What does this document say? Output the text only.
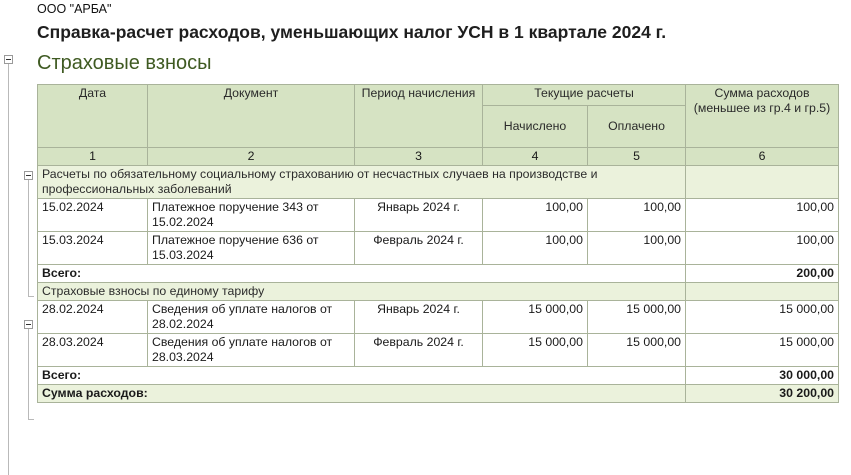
ООО "АРБА"
Справка-расчет расходов, уменьшающих налог УСН в 1 квартале 2024 г.
Страховые взносы
Дата	Документ	Период начисления	Текущие расчеты		Сумма расходов (меньшее из гр.4 и гр.5)
			Начислено	Оплачено	
1	2	3	4	5	6
Расчеты по обязательному социальному страхованию от несчастных случаев на производстве и профессиональных заболеваний					
15.02.2024	Платежное поручение 343 от 15.02.2024	Январь 2024 г.	100,00	100,00	100,00
15.03.2024	Платежное поручение 636 от 15.03.2024	Февраль 2024 г.	100,00	100,00	100,00
Всего:					200,00
Страховые взносы по единому тарифу					
28.02.2024	Сведения об уплате налогов от 28.02.2024	Январь 2024 г.	15 000,00	15 000,00	15 000,00
28.03.2024	Сведения об уплате налогов от 28.03.2024	Февраль 2024 г.	15 000,00	15 000,00	15 000,00
Всего:					30 000,00
Сумма расходов:					30 200,00
